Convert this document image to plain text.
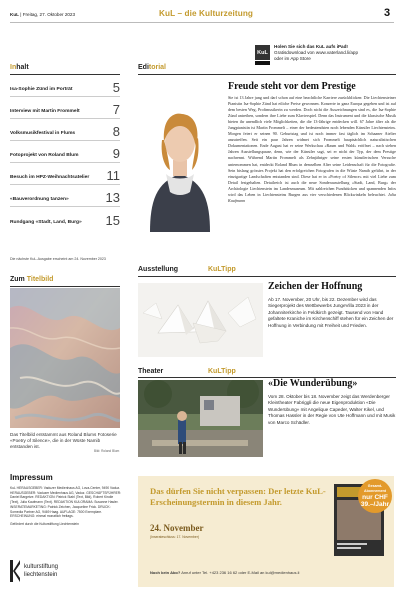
KuL | Freitag, 27. Oktober 2023	KuL – die Kulturzeitung	3
KuL
Holen Sie sich das KuL aufs iPad!
Gratisdownload von www.vaterland.li/app
oder im App Store
Inhalt
Isa-Sophie Zünd im Porträt	5
Interview mit Martin Frommelt	7
Volksmusikfestival in Flums	8
Fotoprojekt von Roland Blum	9
Besuch im HPZ-Weihnachtsatelier 11
«Bauverordnung tanzen»	13
Rundgang «Stadt, Land, Burg» 15
Die nächste KuL-Ausgabe erscheint am 24. November 2023
Zum Titelbild
Das Titelbild entstammt aus Roland Blums Fotoserie «Poetry of Silence», die in der Wüste Namib entstanden ist.
Bild: Roland Blum
Editorial
Freude steht vor dem Prestige
Sie ist 13 Jahre jung und darf schon auf eine beachtliche Karriere zurückblicken: Die Liechtensteiner Pianistin Isa-Sophie Zünd hat etliche Preise gewonnen. Konzerte in ganz Europa gegeben und ist auf dem besten Weg, Profimusikerin zu werden. Doch nicht die Auszeichnungen sind es, die Isa-Sophie Zünd antreiben, sondern ihre Liebe zum Klavierspiel. Denn das Instrument und die klassische Musik bieten ihr unendlich viele Möglichkeiten, die die 13-Jährige entdecken will. 67 Jahre älter als die Jungpianistin ist Martin Frommelt – einer der bedeutendsten noch lebenden Künstler Liechtensteins. Morgen feiert er seinen 90. Geburtstag und ist noch immer fast täglich im Schaaner Atelier anzutreffen. Seit ein paar Jahren widmet sich Frommelt hauptsächlich naturalistischen Dokumentationen. Ende August hat er seine Werkschau «Raum und Wald» eröffnet – nach sieben Jahren Ausstellungspause, denn, wie der Künstler sagt, sei er nicht der Typ, der dem Prestige nachrennt. Während Martin Frommelt als Zehnjähriger seine ersten künstlerischen Versuche unternommen hat, entdeckt Roland Blum in demselben Alter seine Leidenschaft für die Fotografie. Sein bislang grösstes Projekt hat den erfolgreichen Fotografen in die Wüste Namib geführt, in der einzigartige Landschaften entstanden sind. Diese hat er in «Poetry of Silence» mit viel Liebe zum Detail festgehalten. Detailreich ist auch die neue Sonderausstellung «Stadt, Land, Burg» der Archäologie Liechtenstein im Landesmuseum. Mit zahlreichen Fundstücken und spannenden Infos wird das Leben in Liechtensteins Burgen aus vier verschiedenen Blickwinkeln beleuchtet. Julia Kaufmann
Ausstellung	KuLTipp
Zeichen der Hoffnung
Ab 17. November, 20 Uhr, bis 22. Dezember wird das Siegerprojekt des Wettbewerbs JungeVilla 2023 in der Johanniterkirche in Feldkirch gezeigt. Tausend von Hand gefaltete Kraniche im Kirchenschiff stehen für ein Zeichen der Hoffnung in Verbindung mit Freiheit und Frieden.
Theater	KuLTipp
«Die Wunderübung»
Vom 28. Oktober bis 18. November zeigt das Werdenberger Kleintheater Fabriggli die neue Eigenproduktion «Die Wunderübung» mit Angelique Capeder, Walter Kikel, und Thomas Hassler in der Regie von Ute Hoffmann und mit Musik von Marco Schädler.
Impressum
KuL HERAUSGEBER: Vaduzer Medienhaus AG, Lova-Center, 9490 Vaduz. HERAUSGEBER: Vaduzer Medienhaus AG, Vaduz. GESCHÄFTSFÜHRER: Daniel Bargetze. REDAKTION: Patrick Stahl (Text, Bild), Robert Kindle (Text), Julia Kaufmann (Text). REDAKTION KULORAMA: Susanne Hasler. INSERATEMARKETING: Patrick Zeichen, Jacqueline Frick. DRUCK: Somedia Partner AG, 9469 Haag. AUFLAGE: 7500 Exemplare. ERSCHEINUNG: einmal monatlich freitags.
Gefördert durch die Kulturstiftung Liechtenstein
kulturstiftung
liechtenstein
Das dürfen Sie nicht verpassen: Der letzte KuL-Erscheinungstermin in diesem Jahr.
24. November
(Inserateschluss: 17. November)
Gesamt-
Abonnement
nur CHF 39.–/Jahr
Noch kein Abo? Anruf unter Tel. +423 236 16 62 oder E-Mail an kul@medienhaus.li
